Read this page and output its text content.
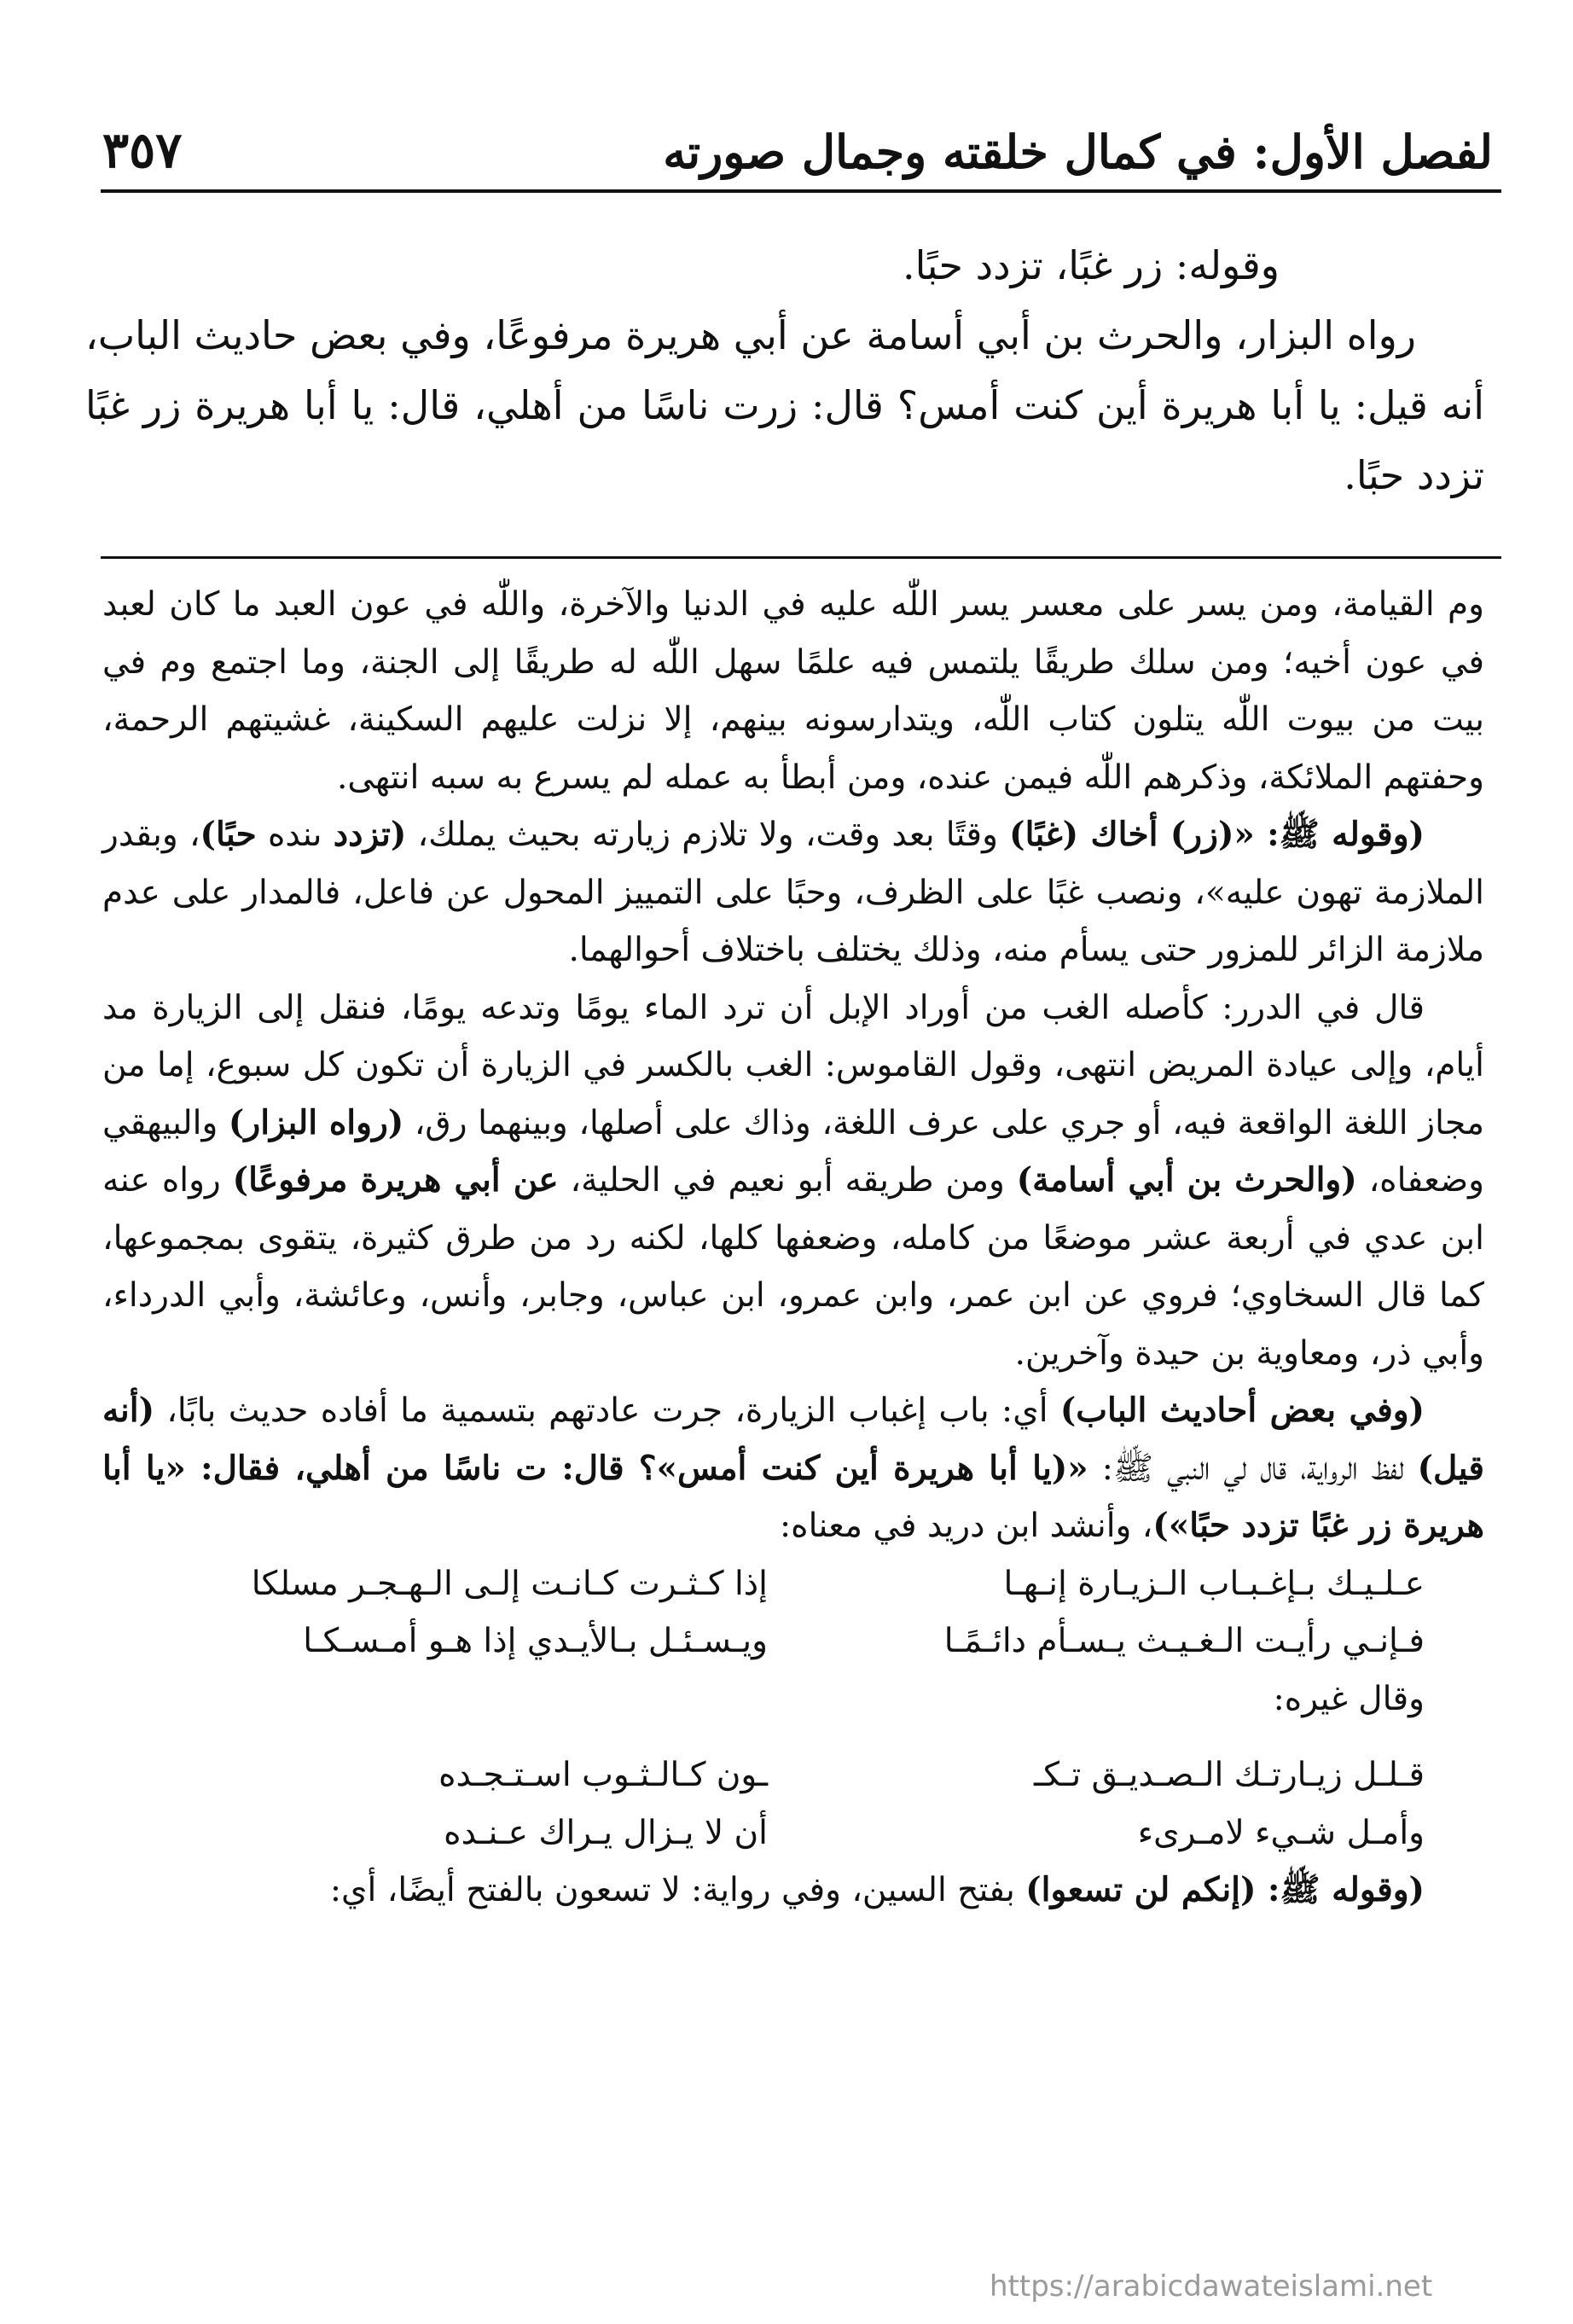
لفصل الأول: في كمال خلقته وجمال صورته
٣٥٧

وقوله: زر غبًا، تزدد حبًا.

رواه البزار، والحرث بن أبي أسامة عن أبي هريرة مرفوعًا، وفي بعض حاديث الباب، أنه قيل: يا أبا هريرة أين كنت أمس؟ قال: زرت ناسًا من أهلي، قال: يا أبا هريرة زر غبًا تزدد حبًا.

وم القيامة، ومن يسر على معسر يسر اللّٰه عليه في الدنيا والآخرة، واللّٰه في عون العبد ما كان لعبد في عون أخيه؛ ومن سلك طريقًا يلتمس فيه علمًا سهل اللّٰه له طريقًا إلى الجنة، وما اجتمع وم في بيت من بيوت اللّٰه يتلون كتاب اللّٰه، ويتدارسونه بينهم، إلا نزلت عليهم السكينة، غشيتهم الرحمة، وحفتهم الملائكة، وذكرهم اللّٰه فيمن عنده، ومن أبطأ به عمله لم يسرع به سبه انتهى.

(وقوله ﷺ: «(زر) أخاك (غبًا) وقتًا بعد وقت، ولا تلازم زيارته بحيث يملك، (تزدد ىنده حبًا)، وبقدر الملازمة تهون عليه»، ونصب غبًا على الظرف، وحبًا على التمييز المحول عن فاعل، فالمدار على عدم ملازمة الزائر للمزور حتى يسأم منه، وذلك يختلف باختلاف أحوالهما.

قال في الدرر: كأصله الغب من أوراد الإبل أن ترد الماء يومًا وتدعه يومًا، فنقل إلى الزيارة مد أيام، وإلى عيادة المريض انتهى، وقول القاموس: الغب بالكسر في الزيارة أن تكون كل سبوع، إما من مجاز اللغة الواقعة فيه، أو جري على عرف اللغة، وذاك على أصلها، وبينهما رق، (رواه البزار) والبيهقي وضعفاه، (والحرث بن أبي أسامة) ومن طريقه أبو نعيم في الحلية، عن أبي هريرة مرفوعًا) رواه عنه ابن عدي في أربعة عشر موضعًا من كامله، وضعفها كلها، لكنه رد من طرق كثيرة، يتقوى بمجموعها، كما قال السخاوي؛ فروي عن ابن عمر، وابن عمرو، ابن عباس، وجابر، وأنس، وعائشة، وأبي الدرداء، وأبي ذر، ومعاوية بن حيدة وآخرين.

(وفي بعض أحاديث الباب) أي: باب إغباب الزيارة، جرت عادتهم بتسمية ما أفاده حديث بابًا، (أنه قيل) لفظ الرواية، قال لي النبي ﷺ: «(يا أبا هريرة أين كنت أمس»؟ قال: ت ناسًا من أهلي، فقال: «يا أبا هريرة زر غبًا تزدد حبًا»)، وأنشد ابن دريد في معناه:

عـلـيـك بـإغـبـاب الـزيـارة إنـهـا
إذا كـثـرت كـانـت إلـى الـهـجـر مسلكا
فـإنـي رأيـت الـغـيـث يـسـأم دائـمًـا
ويـسـئـل بـالأيـدي إذا هـو أمـسـكـا

وقال غيره:

قـلـل زيـارتـك الـصـديـق تـكـ
ـون كـالـثـوب اسـتـجـده
وأمـل شـيء لامـرىء
أن لا يـزال يـراك عـنـده

(وقوله ﷺ: (إنكم لن تسعوا) بفتح السين، وفي رواية: لا تسعون بالفتح أيضًا، أي:

https://arabicdawateislami.net
